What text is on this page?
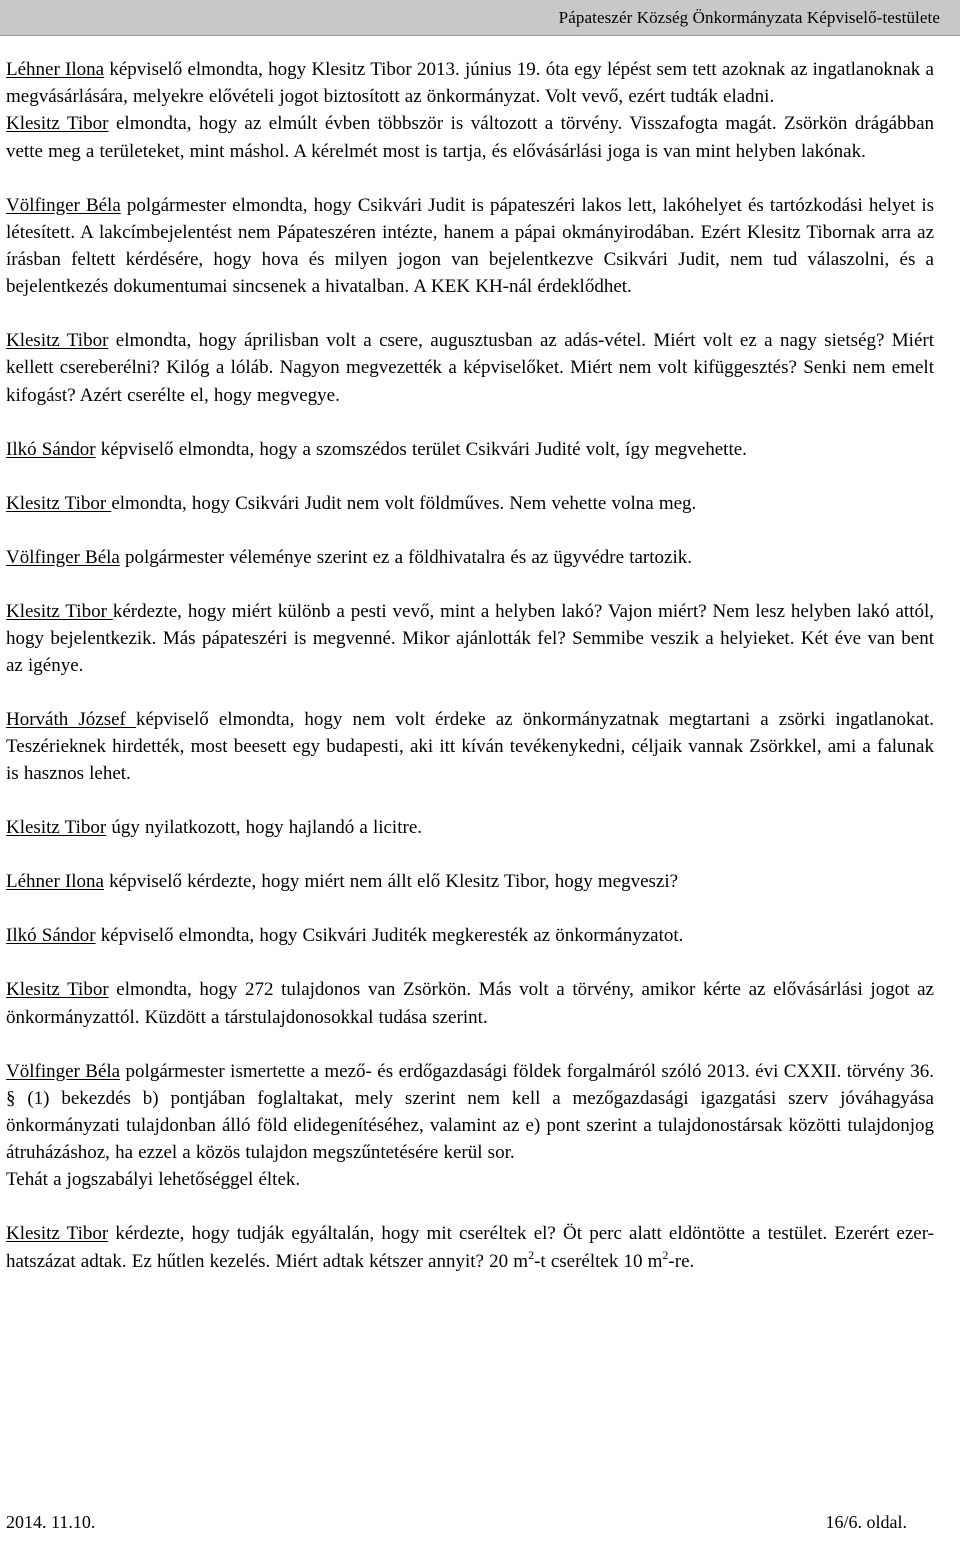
Pápateszér Község Önkormányzata Képviselő-testülete

Léhner Ilona képviselő elmondta, hogy Klesitz Tibor 2013. június 19. óta egy lépést sem tett azoknak az ingatlanoknak a megvásárlására, melyekre elővételi jogot biztosított az önkormányzat. Volt vevő, ezért tudták eladni.

Klesitz Tibor elmondta, hogy az elmúlt évben többször is változott a törvény. Visszafogta magát. Zsörkön drágábban vette meg a területeket, mint máshol. A kérelmét most is tartja, és elővásárlási joga is van mint helyben lakónak.

Völfinger Béla polgármester elmondta, hogy Csikvári Judit is pápateszéri lakos lett, lakóhelyet és tartózkodási helyet is létesített. A lakcímbejelentést nem Pápateszéren intézte, hanem a pápai okmányirodában. Ezért Klesitz Tibornak arra az írásban feltett kérdésére, hogy hova és milyen jogon van bejelentkezve Csikvári Judit, nem tud válaszolni, és a bejelentkezés dokumentumai sincsenek a hivatalban. A KEK KH-nál érdeklődhet.

Klesitz Tibor elmondta, hogy áprilisban volt a csere, augusztusban az adás-vétel. Miért volt ez a nagy sietség? Miért kellett csereberélni? Kilóg a lóláb. Nagyon megvezették a képviselőket. Miért nem volt kifüggesztés? Senki nem emelt kifogást? Azért cserélte el, hogy megvegye.

Ilkó Sándor képviselő elmondta, hogy a szomszédos terület Csikvári Judité volt, így megvehette.

Klesitz Tibor elmondta, hogy Csikvári Judit nem volt földműves. Nem vehette volna meg.

Völfinger Béla polgármester véleménye szerint ez a földhivatalra és az ügyvédre tartozik.

Klesitz Tibor kérdezte, hogy miért különb a pesti vevő, mint a helyben lakó? Vajon miért? Nem lesz helyben lakó attól, hogy bejelentkezik. Más pápateszéri is megvenné. Mikor ajánlották fel? Semmibe veszik a helyieket. Két éve van bent az igénye.

Horváth József képviselő elmondta, hogy nem volt érdeke az önkormányzatnak megtartani a zsörki ingatlanokat. Teszérieknek hirdették, most beesett egy budapesti, aki itt kíván tevékenykedni, céljaik vannak Zsörkkel, ami a falunak is hasznos lehet.

Klesitz Tibor úgy nyilatkozott, hogy hajlandó a licitre.

Léhner Ilona képviselő kérdezte, hogy miért nem állt elő Klesitz Tibor, hogy megveszi?

Ilkó Sándor képviselő elmondta, hogy Csikvári Juditék megkeresték az önkormányzatot.

Klesitz Tibor elmondta, hogy 272 tulajdonos van Zsörkön. Más volt a törvény, amikor kérte az elővásárlási jogot az önkormányzattól. Küzdött a társtulajdonosokkal tudása szerint.

Völfinger Béla polgármester ismertette a mező- és erdőgazdasági földek forgalmáról szóló 2013. évi CXXII. törvény 36. § (1) bekezdés b) pontjában foglaltakat, mely szerint nem kell a mezőgazdasági igazgatási szerv jóváhagyása önkormányzati tulajdonban álló föld elidegenítéséhez, valamint az e) pont szerint a tulajdonostársak közötti tulajdonjog átruházáshoz, ha ezzel a közös tulajdon megszűntetésére kerül sor.

Tehát a jogszabályi lehetőséggel éltek.

Klesitz Tibor kérdezte, hogy tudják egyáltalán, hogy mit cseréltek el? Öt perc alatt eldöntötte a testület. Ezerért ezer-hatszázat adtak. Ez hűtlen kezelés. Miért adtak kétszer annyit? 20 $m^2-t$ cseréltek 10 $m^2-re$.

2014. 11.10.	16/6. oldal.
